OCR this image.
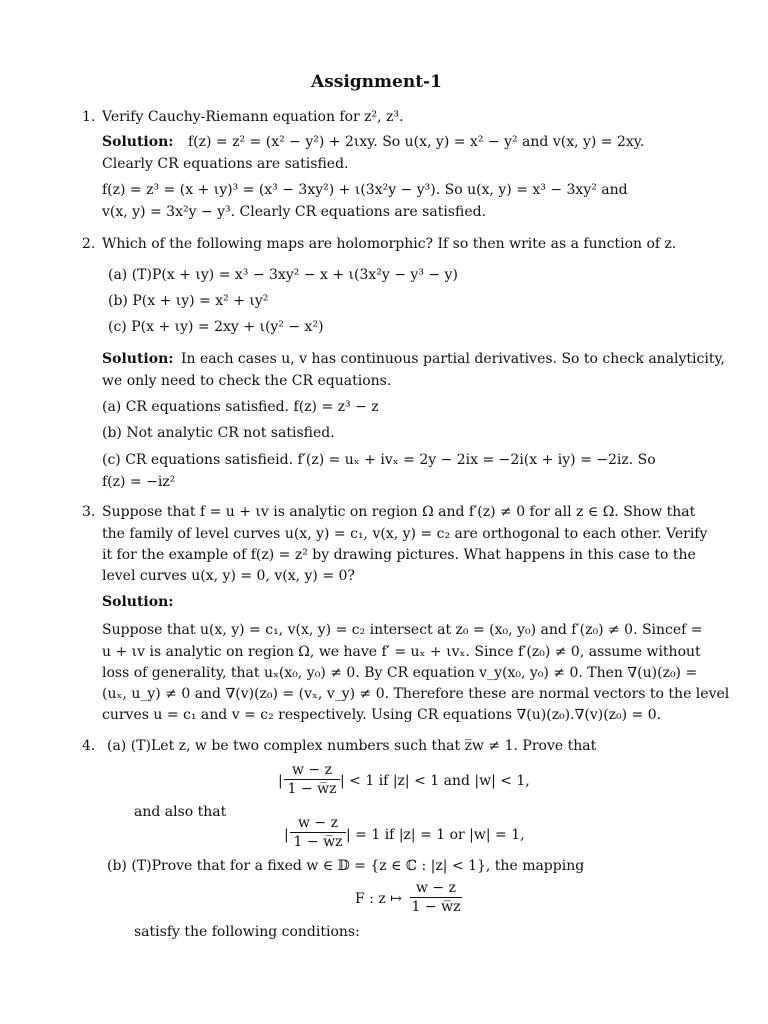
Assignment-1
1. Verify Cauchy-Riemann equation for z², z³.
Solution: f(z) = z² = (x² − y²) + 2ιxy. So u(x, y) = x² − y² and v(x, y) = 2xy.
Clearly CR equations are satisfied.
f(z) = z³ = (x + ιy)³ = (x³ − 3xy²) + ι(3x²y − y³). So u(x, y) = x³ − 3xy² and
v(x, y) = 3x²y − y³. Clearly CR equations are satisfied.
2. Which of the following maps are holomorphic? If so then write as a function of z.
(a) (T)P(x + ιy) = x³ − 3xy² − x + ι(3x²y − y³ − y)
(b) P(x + ιy) = x² + ιy²
(c) P(x + ιy) = 2xy + ι(y² − x²)
Solution: In each cases u, v has continuous partial derivatives. So to check analyticity,
we only need to check the CR equations.
(a) CR equations satisfied. f(z) = z³ − z
(b) Not analytic CR not satisfied.
(c) CR equations satisfieid. f′(z) = uₓ + ivₓ = 2y − 2ix = −2i(x + iy) = −2iz. So
f(z) = −iz²
3. Suppose that f = u + ιv is analytic on region Ω and f′(z) ≠ 0 for all z ∈ Ω. Show that
the family of level curves u(x, y) = c₁, v(x, y) = c₂ are orthogonal to each other. Verify
it for the example of f(z) = z² by drawing pictures. What happens in this case to the
level curves u(x, y) = 0, v(x, y) = 0?
Solution:
Suppose that u(x, y) = c₁, v(x, y) = c₂ intersect at z₀ = (x₀, y₀) and f′(z₀) ≠ 0. Sincef =
u + ιv is analytic on region Ω, we have f′ = uₓ + ιvₓ. Since f′(z₀) ≠ 0, assume without
loss of generality, that uₓ(x₀, y₀) ≠ 0. By CR equation v_y(x₀, y₀) ≠ 0. Then ∇(u)(z₀) =
(uₓ, u_y) ≠ 0 and ∇(v)(z₀) = (vₓ, v_y) ≠ 0. Therefore these are normal vectors to the level
curves u = c₁ and v = c₂ respectively. Using CR equations ∇(u)(z₀).∇(v)(z₀) = 0.
4. (a) (T)Let z, w be two complex numbers such that z̅w ≠ 1. Prove that
|
w − z
1 − w̅z | < 1 if |z| < 1 and |w| < 1,
and also that
|
w − z
1 − w̅z | = 1 if |z| = 1 or |w| = 1,
(b) (T)Prove that for a fixed w ∈ 𝔻 = {z ∈ ℂ : |z| < 1}, the mapping
F : z ↦
w − z
1 − w̅z
satisfy the following conditions:
